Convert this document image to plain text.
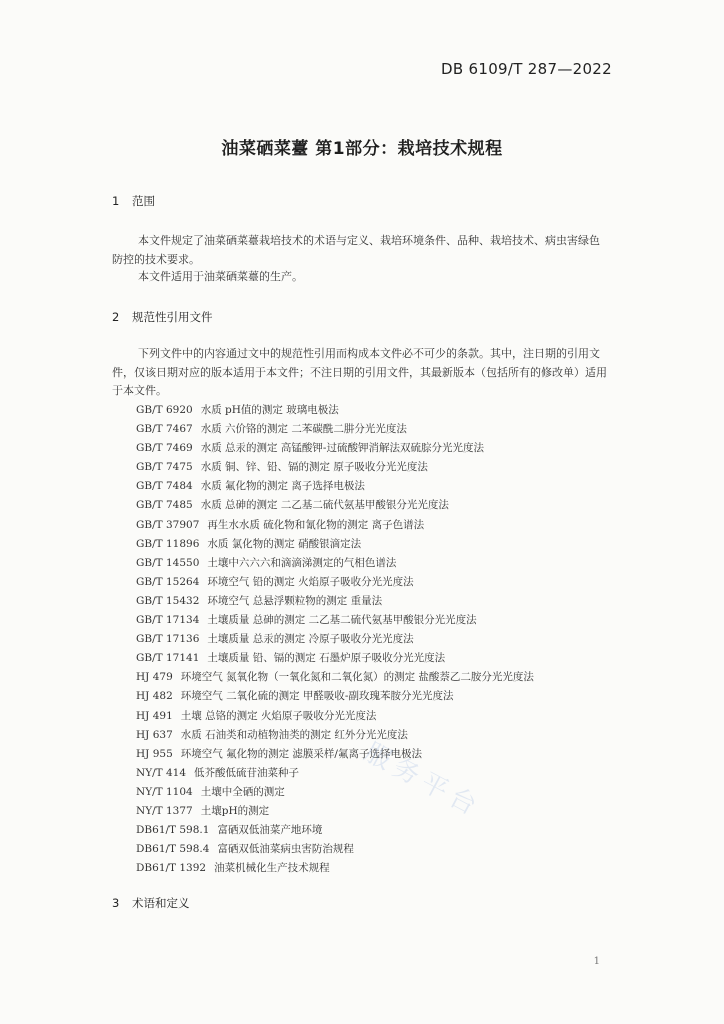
DB 6109/T 287—2022
油菜硒菜薹 第1部分：栽培技术规程
1 范围

本文件规定了油菜硒菜薹栽培技术的术语与定义、栽培环境条件、品种、栽培技术、病虫害绿色防控的技术要求。

本文件适用于油菜硒菜薹的生产。

2 规范性引用文件

下列文件中的内容通过文中的规范性引用而构成本文件必不可少的条款。其中，注日期的引用文件，仅该日期对应的版本适用于本文件；不注日期的引用文件，其最新版本（包括所有的修改单）适用于本文件。

GB/T 6920 水质 pH值的测定 玻璃电极法
GB/T 7467 水质 六价铬的测定 二苯碳酰二肼分光光度法
GB/T 7469 水质 总汞的测定 高锰酸钾-过硫酸钾消解法双硫腙分光光度法
GB/T 7475 水质 铜、锌、铅、镉的测定 原子吸收分光光度法
GB/T 7484 水质 氟化物的测定 离子选择电极法
GB/T 7485 水质 总砷的测定 二乙基二硫代氨基甲酸银分光光度法
GB/T 37907 再生水水质 硫化物和氰化物的测定 离子色谱法
GB/T 11896 水质 氯化物的测定 硝酸银滴定法
GB/T 14550 土壤中六六六和滴滴涕测定的气相色谱法
GB/T 15264 环境空气 铅的测定 火焰原子吸收分光光度法
GB/T 15432 环境空气 总悬浮颗粒物的测定 重量法
GB/T 17134 土壤质量 总砷的测定 二乙基二硫代氨基甲酸银分光光度法
GB/T 17136 土壤质量 总汞的测定 冷原子吸收分光光度法
GB/T 17141 土壤质量 铅、镉的测定 石墨炉原子吸收分光光度法
HJ 479 环境空气 氮氧化物（一氧化氮和二氧化氮）的测定 盐酸萘乙二胺分光光度法
HJ 482 环境空气 二氧化硫的测定 甲醛吸收-副玫瑰苯胺分光光度法
HJ 491 土壤 总铬的测定 火焰原子吸收分光光度法
HJ 637 水质 石油类和动植物油类的测定 红外分光光度法
HJ 955 环境空气 氟化物的测定 滤膜采样/氟离子选择电极法
NY/T 414 低芥酸低硫苷油菜种子
NY/T 1104 土壤中全硒的测定
NY/T 1377 土壤pH的测定
DB61/T 598.1 富硒双低油菜产地环境
DB61/T 598.4 富硒双低油菜病虫害防治规程
DB61/T 1392 油菜机械化生产技术规程
3 术语和定义
服务平台
1
